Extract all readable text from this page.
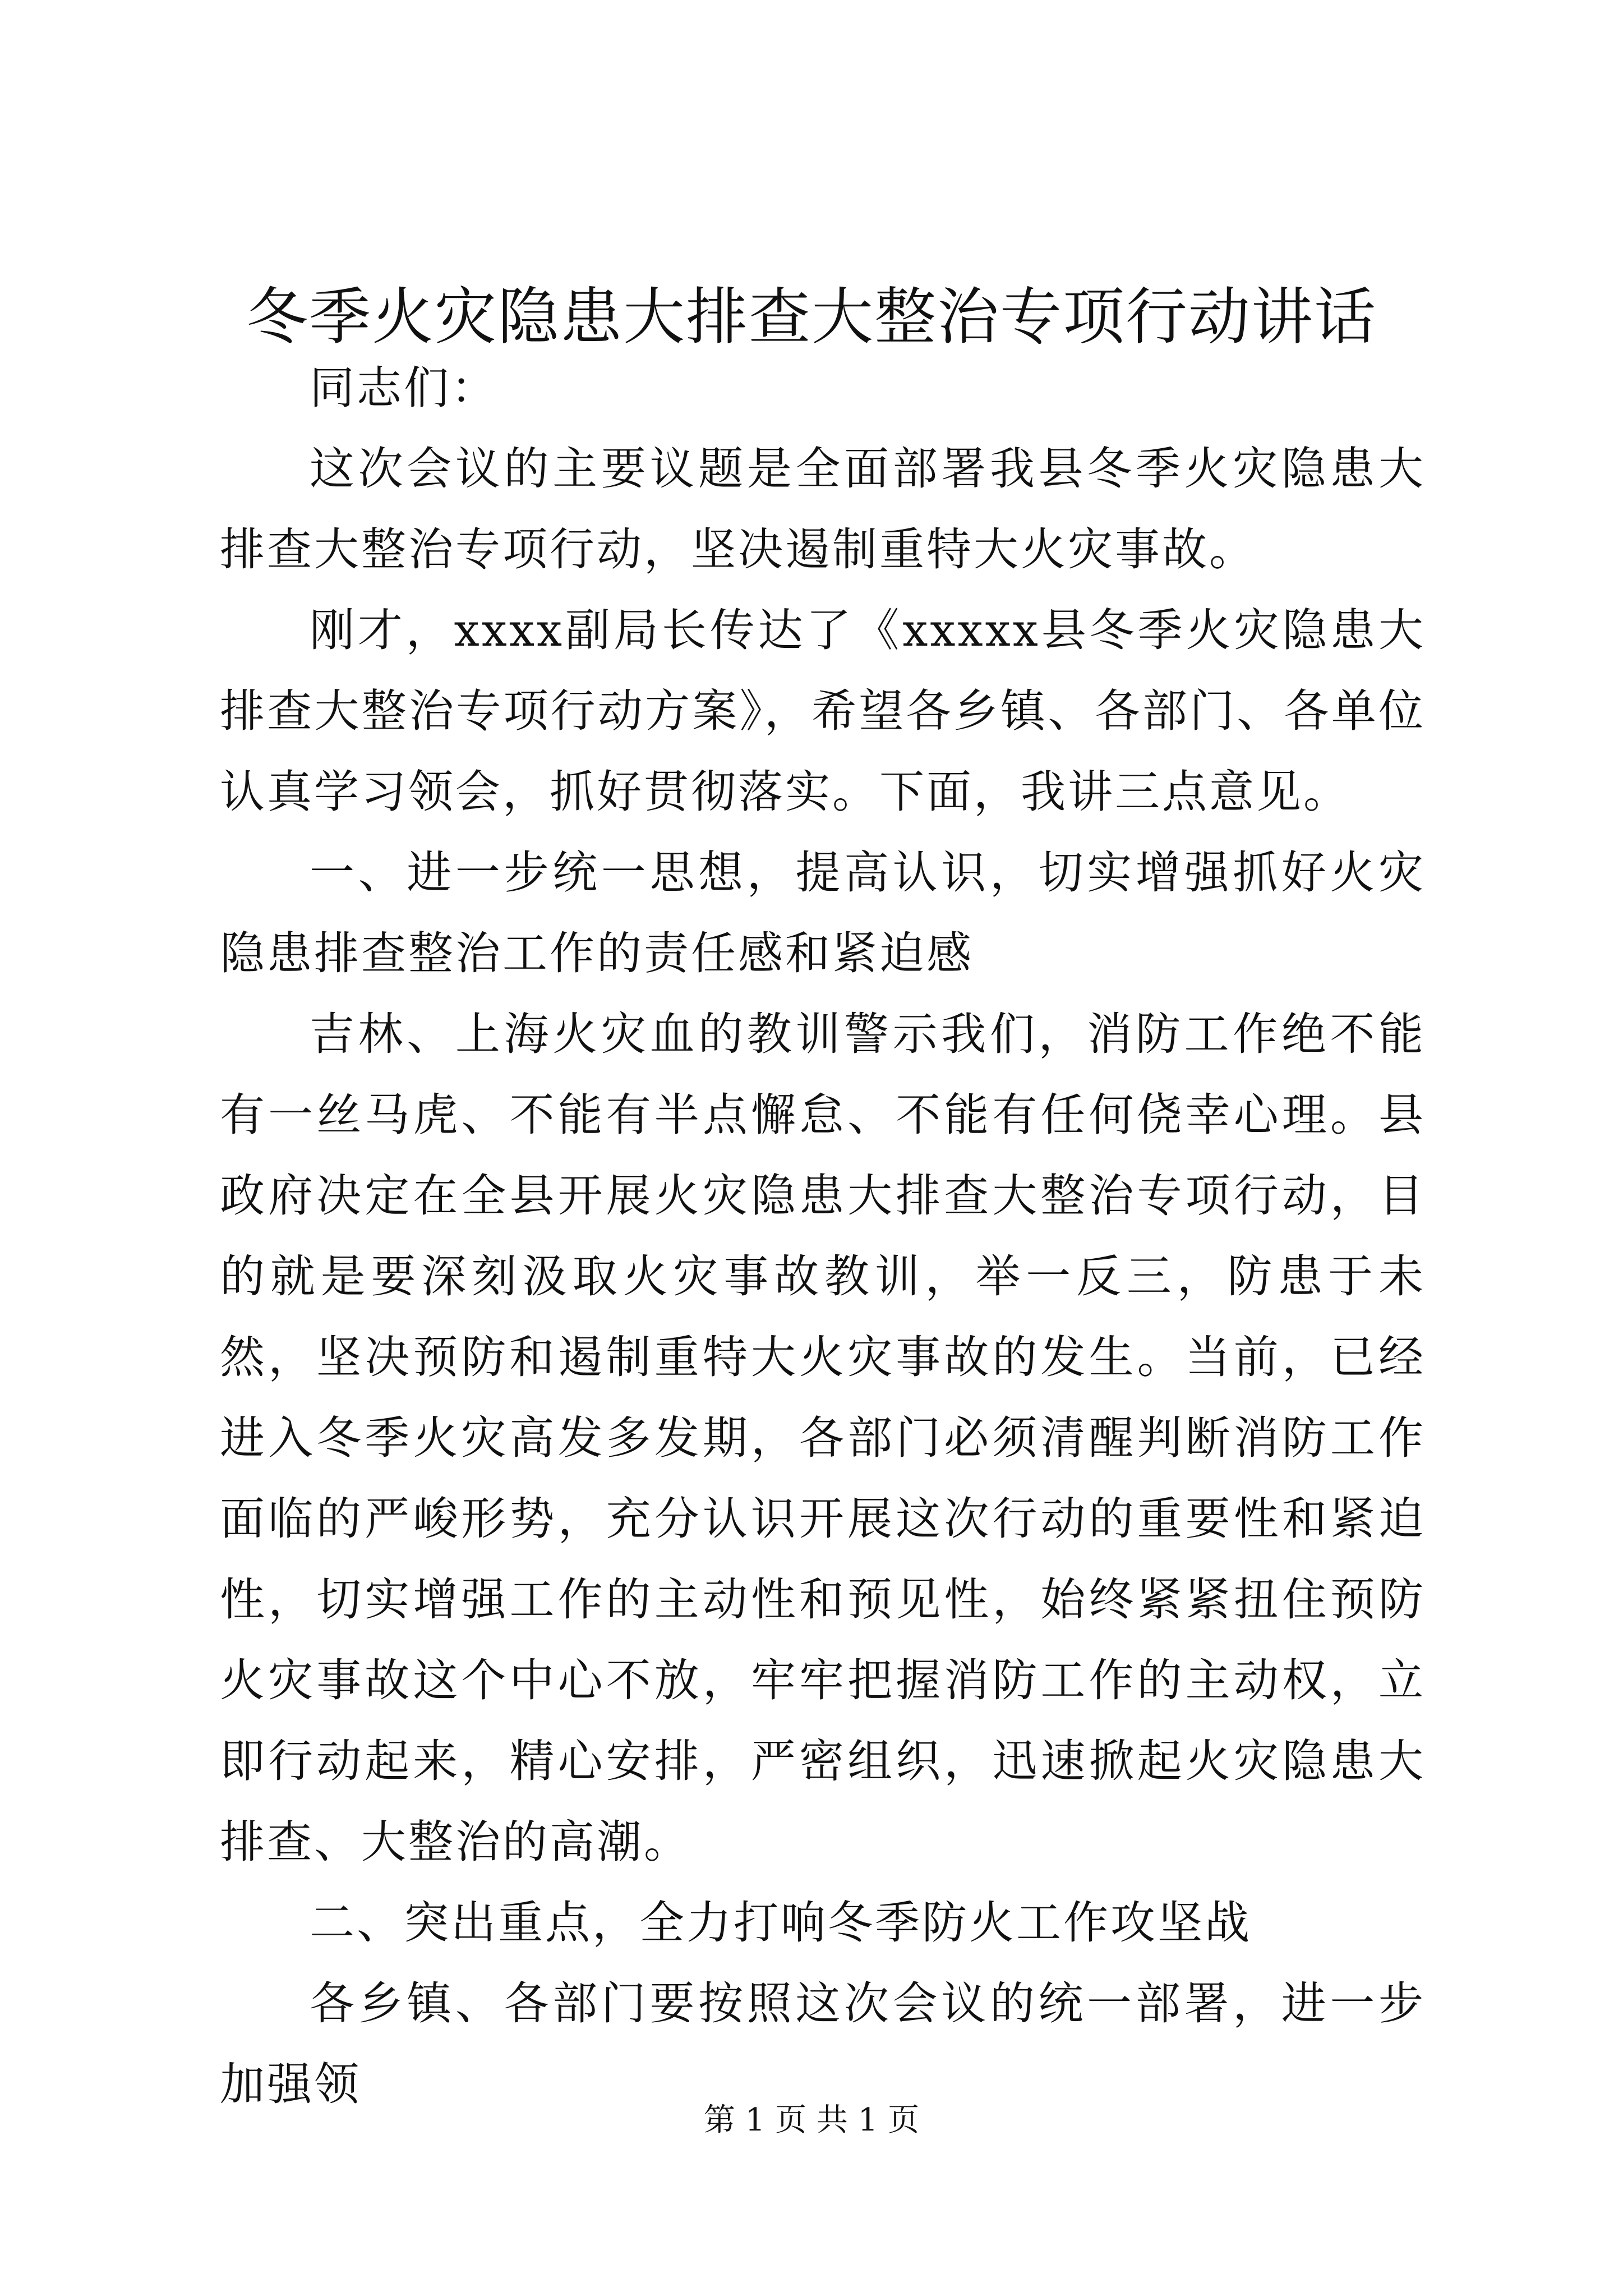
冬季火灾隐患大排查大整治专项行动讲话

同志们：

这次会议的主要议题是全面部署我县冬季火灾隐患大排查大整治专项行动，坚决遏制重特大火灾事故。

刚才，xxxx副局长传达了《xxxxx县冬季火灾隐患大排查大整治专项行动方案》，希望各乡镇、各部门、各单位认真学习领会，抓好贯彻落实。下面，我讲三点意见。

一、进一步统一思想，提高认识，切实增强抓好火灾隐患排查整治工作的责任感和紧迫感

吉林、上海火灾血的教训警示我们，消防工作绝不能有一丝马虎、不能有半点懈怠、不能有任何侥幸心理。县政府决定在全县开展火灾隐患大排查大整治专项行动，目的就是要深刻汲取火灾事故教训，举一反三，防患于未然，坚决预防和遏制重特大火灾事故的发生。当前，已经进入冬季火灾高发多发期，各部门必须清醒判断消防工作面临的严峻形势，充分认识开展这次行动的重要性和紧迫性，切实增强工作的主动性和预见性，始终紧紧扭住预防火灾事故这个中心不放，牢牢把握消防工作的主动权，立即行动起来，精心安排，严密组织，迅速掀起火灾隐患大排查、大整治的高潮。

二、突出重点，全力打响冬季防火工作攻坚战

各乡镇、各部门要按照这次会议的统一部署，进一步加强领

第 1 页 共 1 页
